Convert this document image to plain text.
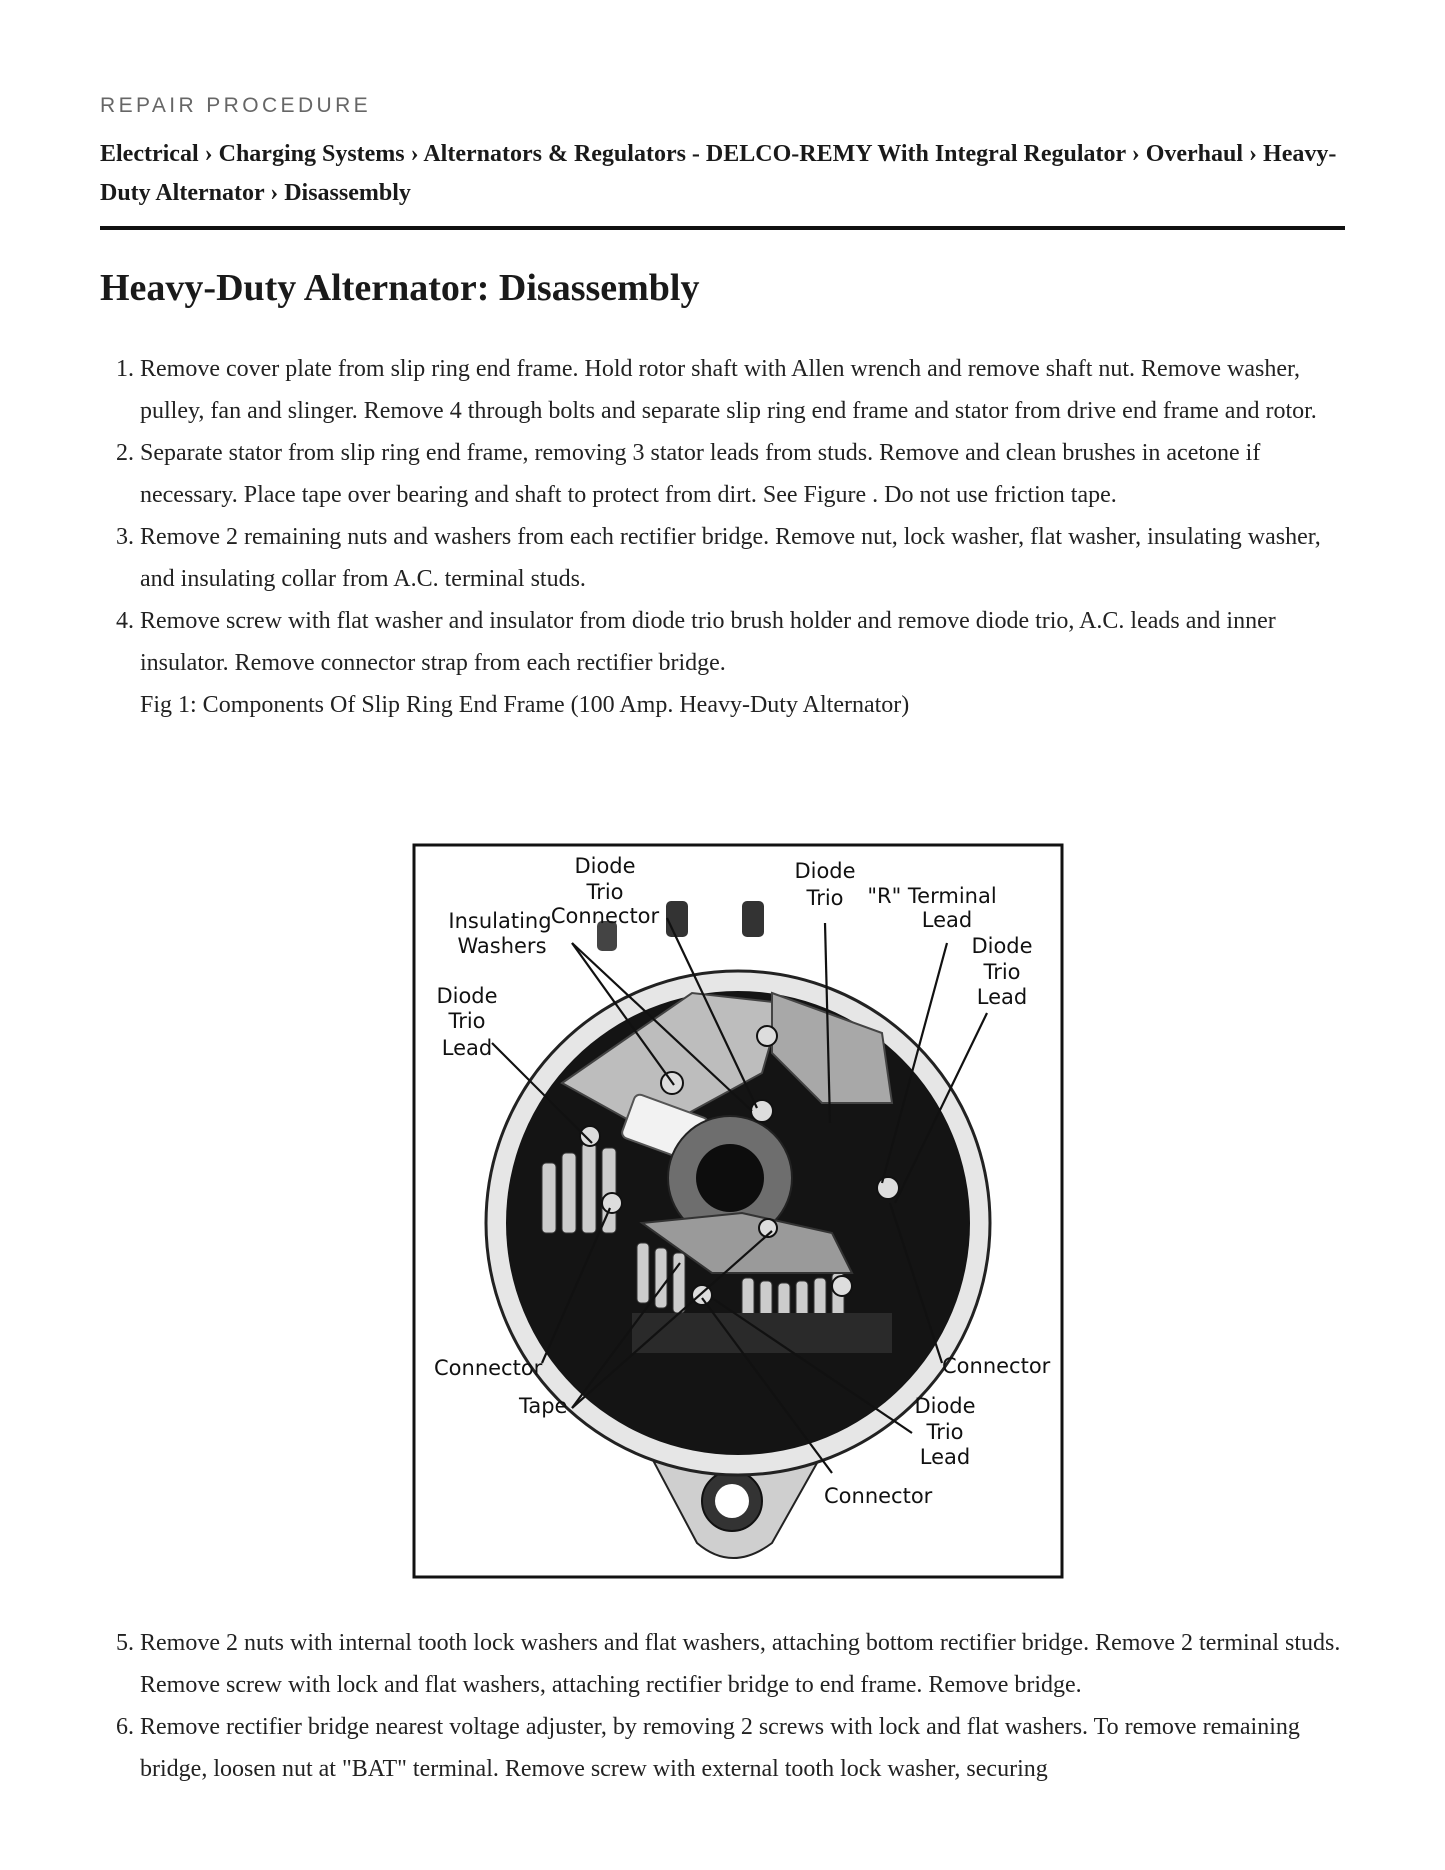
REPAIR PROCEDURE
Electrical › Charging Systems › Alternators & Regulators - DELCO-REMY With Integral Regulator › Overhaul › Heavy-Duty Alternator › Disassembly
Heavy-Duty Alternator: Disassembly
1. Remove cover plate from slip ring end frame. Hold rotor shaft with Allen wrench and remove shaft nut. Remove washer, pulley, fan and slinger. Remove 4 through bolts and separate slip ring end frame and stator from drive end frame and rotor.
2. Separate stator from slip ring end frame, removing 3 stator leads from studs. Remove and clean brushes in acetone if necessary. Place tape over bearing and shaft to protect from dirt. See Figure . Do not use friction tape.
3. Remove 2 remaining nuts and washers from each rectifier bridge. Remove nut, lock washer, flat washer, insulating washer, and insulating collar from A.C. terminal studs.
4. Remove screw with flat washer and insulator from diode trio brush holder and remove diode trio, A.C. leads and inner insulator. Remove connector strap from each rectifier bridge.
Fig 1: Components Of Slip Ring End Frame (100 Amp. Heavy-Duty Alternator)
Diode
Trio
Connector
Diode
Trio "R" Terminal
Lead
Diode
Trio
Lead
Insulating
Washers
Diode
Trio
Lead
Connector
Tape
Connector
Diode
Trio
Lead
Connector
5. Remove 2 nuts with internal tooth lock washers and flat washers, attaching bottom rectifier bridge. Remove 2 terminal studs. Remove screw with lock and flat washers, attaching rectifier bridge to end frame. Remove bridge.
6. Remove rectifier bridge nearest voltage adjuster, by removing 2 screws with lock and flat washers. To remove remaining bridge, loosen nut at "BAT" terminal. Remove screw with external tooth lock washer, securing
